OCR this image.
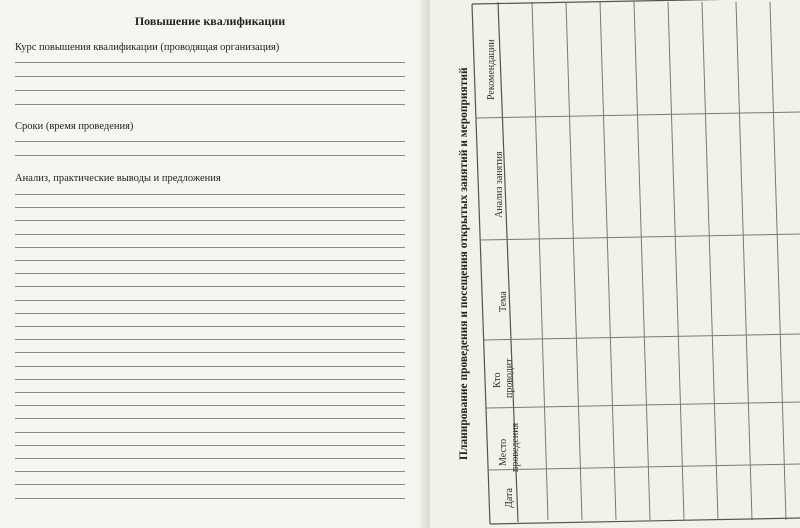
Повышение квалификации
Курс повышения квалификации (проводящая организация)
Сроки (время проведения)
Анализ, практические выводы и предложения	Планирование проведения и посещения открытых занятий и мероприятий
Дата
Место проведения
Кто проводит
Тема
Анализ занятия
Рекомендации
